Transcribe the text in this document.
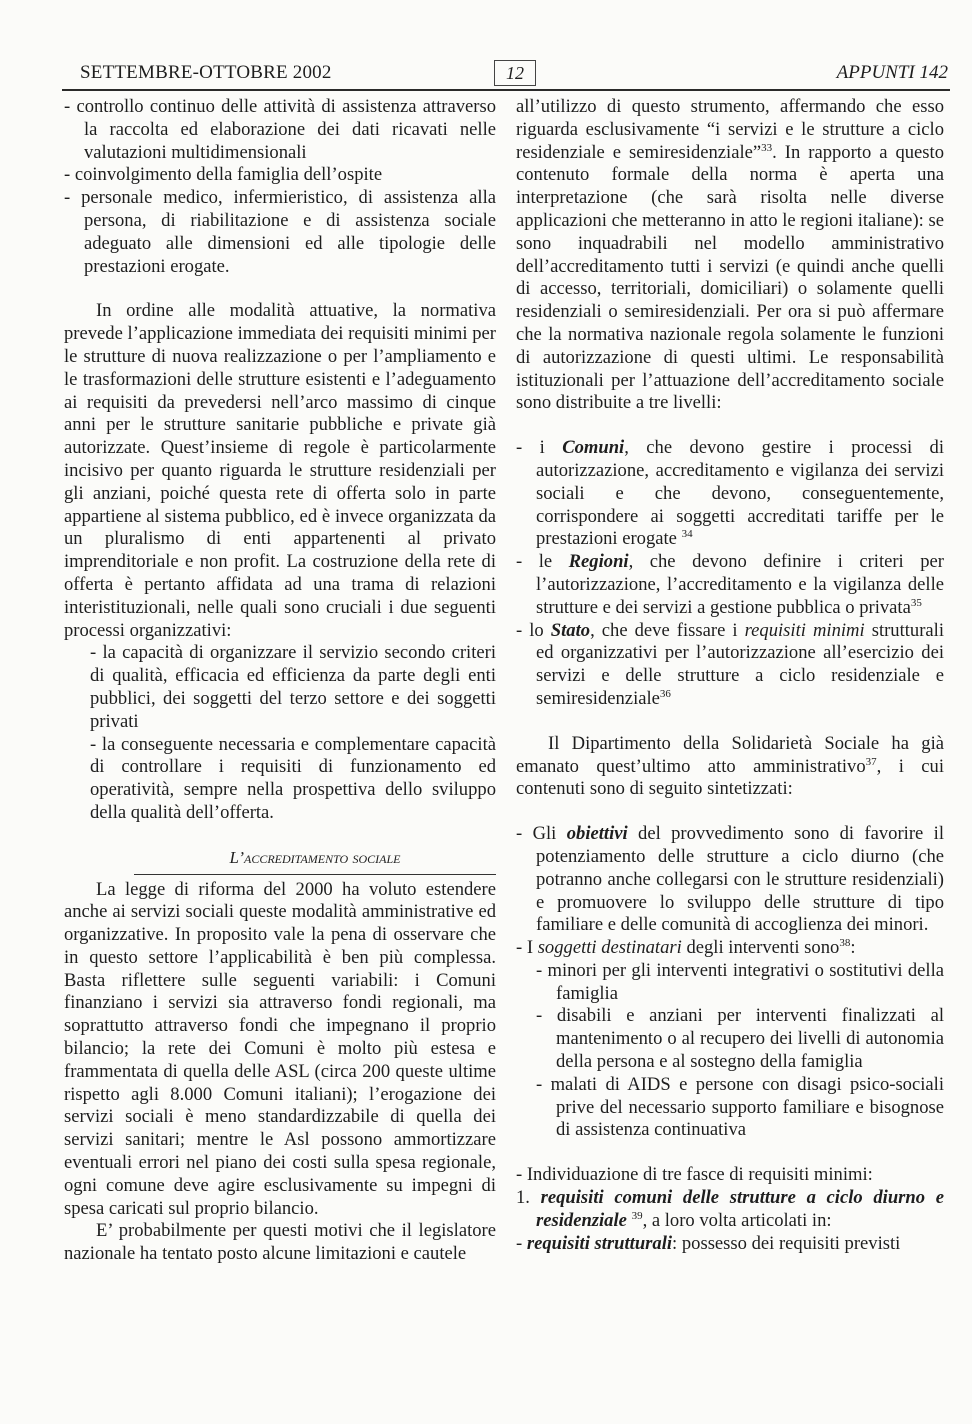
SETTEMBRE-OTTOBRE 2002	12	APPUNTI 142

- controllo continuo delle attività di assistenza attraverso la raccolta ed elaborazione dei dati ricavati nelle valutazioni multidimensionali

- coinvolgimento della famiglia dell’ospite

- personale medico, infermieristico, di assistenza alla persona, di riabilitazione e di assistenza sociale adeguato alle dimensioni ed alle tipologie delle prestazioni erogate.

In ordine alle modalità attuative, la normativa prevede l’applicazione immediata dei requisiti minimi per le strutture di nuova realizzazione o per l’ampliamento e le trasformazioni delle strutture esistenti e l’adeguamento ai requisiti da prevedersi nell’arco massimo di cinque anni per le strutture sanitarie pubbliche e private già autorizzate. Quest’insieme di regole è particolarmente incisivo per quanto riguarda le strutture residenziali per gli anziani, poiché questa rete di offerta solo in parte appartiene al sistema pubblico, ed è invece organizzata da un pluralismo di enti appartenenti al privato imprenditoriale e non profit. La costruzione della rete di offerta è pertanto affidata ad una trama di relazioni interistituzionali, nelle quali sono cruciali i due seguenti processi organizzativi:

- la capacità di organizzare il servizio secondo criteri di qualità, efficacia ed efficienza da parte degli enti pubblici, dei soggetti del terzo settore e dei soggetti privati

- la conseguente necessaria e complementare capacità di controllare i requisiti di funzionamento ed operatività, sempre nella prospettiva dello sviluppo della qualità dell’offerta.

L’accreditamento sociale

La legge di riforma del 2000 ha voluto estendere anche ai servizi sociali queste modalità amministrative ed organizzative. In proposito vale la pena di osservare che in questo settore l’applicabilità è ben più complessa. Basta riflettere sulle seguenti variabili: i Comuni finanziano i servizi sia attraverso fondi regionali, ma soprattutto attraverso fondi che impegnano il proprio bilancio; la rete dei Comuni è molto più estesa e frammentata di quella delle ASL (circa 200 queste ultime rispetto agli 8.000 Comuni italiani); l’erogazione dei servizi sociali è meno standardizzabile di quella dei servizi sanitari; mentre le Asl possono ammortizzare eventuali errori nel piano dei costi sulla spesa regionale, ogni comune deve agire esclusivamente su impegni di spesa caricati sul proprio bilancio.

E’ probabilmente per questi motivi che il legislatore nazionale ha tentato posto alcune limitazioni e cautele

all’utilizzo di questo strumento, affermando che esso riguarda esclusivamente “i servizi e le strutture a ciclo residenziale e semiresidenziale”$^{33}$. In rapporto a questo contenuto formale della norma è aperta una interpretazione (che sarà risolta nelle diverse applicazioni che metteranno in atto le regioni italiane): se sono inquadrabili nel modello amministrativo dell’accreditamento tutti i servizi (e quindi anche quelli di accesso, territoriali, domiciliari) o solamente quelli residenziali o semiresidenziali. Per ora si può affermare che la normativa nazionale regola solamente le funzioni di autorizzazione di questi ultimi. Le responsabilità istituzionali per l’attuazione dell’accreditamento sociale sono distribuite a tre livelli:

- i Comuni, che devono gestire i processi di autorizzazione, accreditamento e vigilanza dei servizi sociali e che devono, conseguentemente, corrispondere ai soggetti accreditati tariffe per le prestazioni erogate $^{34}$

- le Regioni, che devono definire i criteri per l’autorizzazione, l’accreditamento e la vigilanza delle strutture e dei servizi a gestione pubblica o privata$^{35}$

- lo Stato, che deve fissare i requisiti minimi strutturali ed organizzativi per l’autorizzazione all’esercizio dei servizi e delle strutture a ciclo residenziale e semiresidenziale$^{36}$

Il Dipartimento della Solidarietà Sociale ha già emanato quest’ultimo atto amministrativo$^{37}$, i cui contenuti sono di seguito sintetizzati:

- Gli obiettivi del provvedimento sono di favorire il potenziamento delle strutture a ciclo diurno (che potranno anche collegarsi con le strutture residenziali) e promuovere lo sviluppo delle strutture di tipo familiare e delle comunità di accoglienza dei minori.

- I soggetti destinatari degli interventi sono$^{38}$:

- minori per gli interventi integrativi o sostitutivi della famiglia

- disabili e anziani per interventi finalizzati al mantenimento o al recupero dei livelli di autonomia della persona e al sostegno della famiglia

- malati di AIDS e persone con disagi psico-sociali prive del necessario supporto familiare e bisognose di assistenza continuativa

- Individuazione di tre fasce di requisiti minimi:

1. requisiti comuni delle strutture a ciclo diurno e residenziale $^{39}$, a loro volta articolati in:

- requisiti strutturali: possesso dei requisiti previsti
